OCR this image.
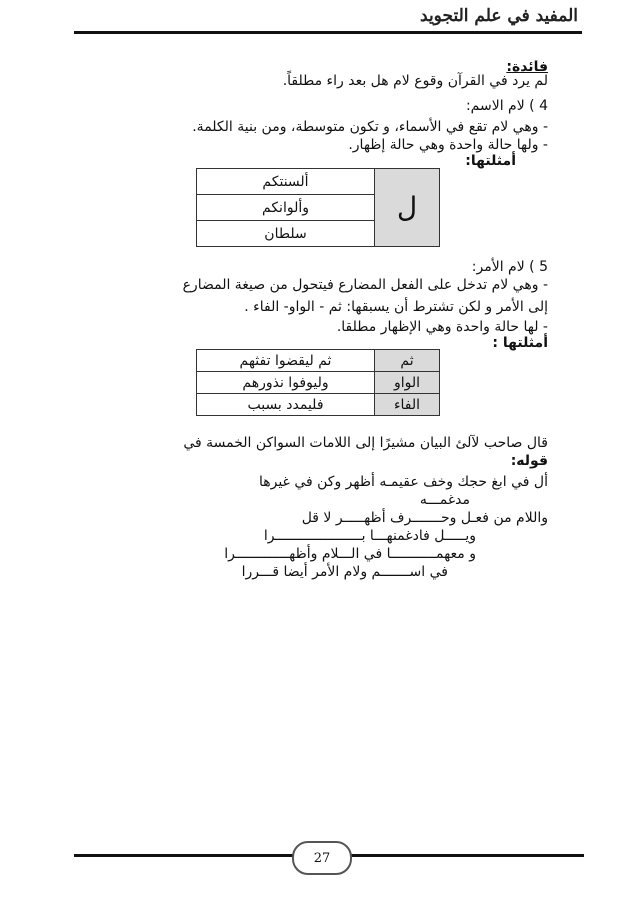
المفيد في علم التجويد
فائدة:
لم يرد في القرآن وقوع لام هل بعد راء مطلقاً.
4 ) لام الاسم:
- وهي لام تقع في الأسماء، و تكون متوسطة، ومن بنية الكلمة.
- ولها حالة واحدة وهي حالة إظهار.
أمثلتها:
ل	ألسنتكم
وألوانكم
سلطان
5 ) لام الأمر:
- وهي لام تدخل على الفعل المضارع فيتحول من صيغة المضارع
إلى الأمر و لكن تشترط أن يسبقها: ثم - الواو- الفاء .
- لها حالة واحدة وهي الإظهار مطلقا.
أمثلتها :
ثم	ثم ليقضوا تفثهم
الواو	وليوفوا نذورهم
الفاء	فليمدد بسبب
قال صاحب لآلئ البيان مشيرًا إلى اللامات السواكن الخمسة في
قوله:
أل في ابغ حجك وخف عقيمـه أظهر وكن في غيرها
مدغمـــه
واللام من فعـل وحـــــــرف أظهـــــر لا قل
ويـــــل فادغمنهـــا بـــــــــــــــــــــرا
و معهمـــــــــــا في الـــلام وأظهـــــــــــــرا
في اســـــــم ولام الأمر أيضا قـــررا
27
